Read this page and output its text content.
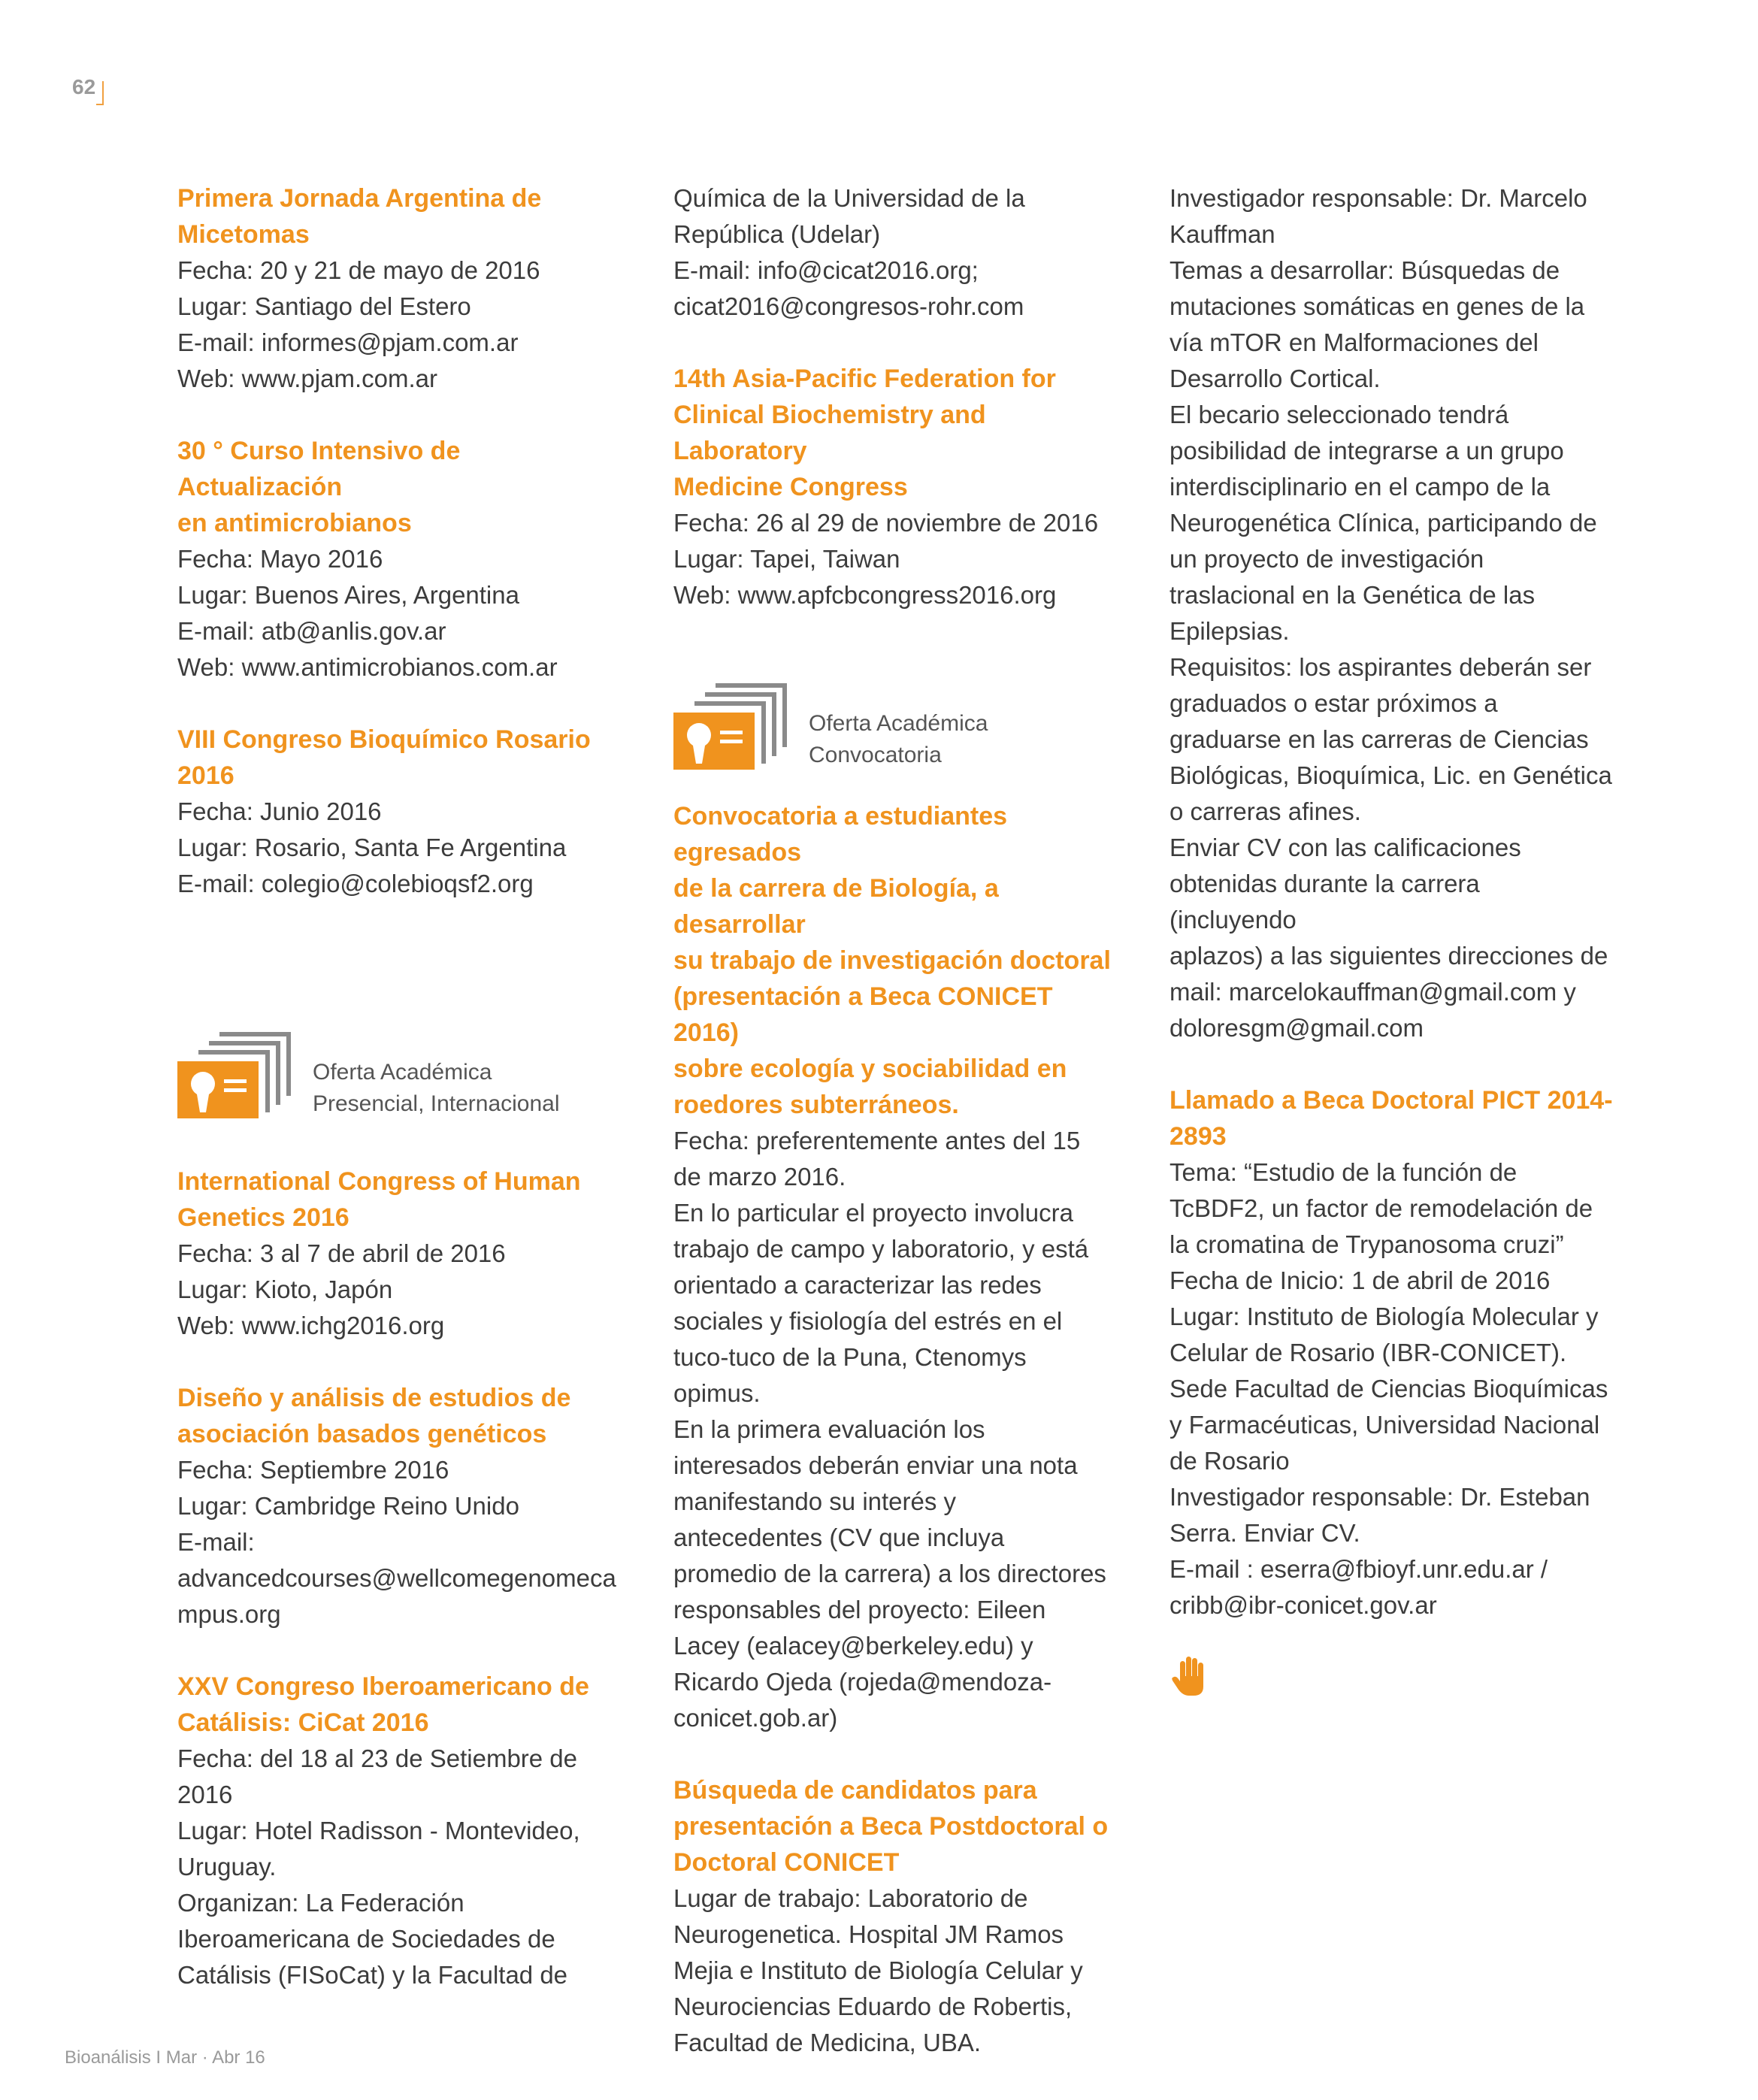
62

Primera Jornada Argentina de

Micetomas

Fecha: 20 y 21 de mayo de 2016

Lugar: Santiago del Estero

E-mail: informes@pjam.com.ar

Web: www.pjam.com.ar

30 ° Curso Intensivo de Actualización

en antimicrobianos

Fecha: Mayo 2016

Lugar: Buenos Aires, Argentina

E-mail: atb@anlis.gov.ar

Web: www.antimicrobianos.com.ar

VIII Congreso Bioquímico Rosario

2016

Fecha: Junio 2016

Lugar: Rosario, Santa Fe Argentina

E-mail: colegio@colebioqsf2.org

Oferta Académica
Presencial, Internacional

International Congress of Human

Genetics 2016

Fecha: 3 al 7 de abril de 2016

Lugar: Kioto, Japón

Web: www.ichg2016.org

Diseño y análisis de estudios de

asociación basados genéticos

Fecha: Septiembre 2016

Lugar: Cambridge Reino Unido

E-mail:

advancedcourses@wellcomegenomeca

mpus.org

XXV Congreso Iberoamericano de

Catálisis: CiCat 2016

Fecha: del 18 al 23 de Setiembre de

2016

Lugar: Hotel Radisson - Montevideo,

Uruguay.

Organizan: La Federación

Iberoamericana de Sociedades de

Catálisis (FISoCat) y la Facultad de

Química de la Universidad de la

República (Udelar)

E-mail: info@cicat2016.org;

cicat2016@congresos-rohr.com

14th Asia-Pacific Federation for

Clinical Biochemistry and Laboratory

Medicine Congress

Fecha: 26 al 29 de noviembre de 2016

Lugar: Tapei, Taiwan

Web: www.apfcbcongress2016.org

Oferta Académica
Convocatoria

Convocatoria a estudiantes egresados

de la carrera de Biología, a desarrollar

su trabajo de investigación doctoral

(presentación a Beca CONICET 2016)

sobre ecología y sociabilidad en

roedores subterráneos.

Fecha: preferentemente antes del 15

de marzo 2016.

En lo particular el proyecto involucra

trabajo de campo y laboratorio, y está

orientado a caracterizar las redes

sociales y fisiología del estrés en el

tuco-tuco de la Puna, Ctenomys

opimus.

En la primera evaluación los

interesados deberán enviar una nota

manifestando su interés y

antecedentes (CV que incluya

promedio de la carrera) a los directores

responsables del proyecto: Eileen

Lacey (ealacey@berkeley.edu) y

Ricardo Ojeda (rojeda@mendoza-

conicet.gob.ar)

Búsqueda de candidatos para

presentación a Beca Postdoctoral o

Doctoral CONICET

Lugar de trabajo: Laboratorio de

Neurogenetica. Hospital JM Ramos

Mejia e Instituto de Biología Celular y

Neurociencias Eduardo de Robertis,

Facultad de Medicina, UBA.

Investigador responsable: Dr. Marcelo

Kauffman

Temas a desarrollar: Búsquedas de

mutaciones somáticas en genes de la

vía mTOR en Malformaciones del

Desarrollo Cortical.

El becario seleccionado tendrá

posibilidad de integrarse a un grupo

interdisciplinario en el campo de la

Neurogenética Clínica, participando de

un proyecto de investigación

traslacional en la Genética de las

Epilepsias.

Requisitos: los aspirantes deberán ser

graduados o estar próximos a

graduarse en las carreras de Ciencias

Biológicas, Bioquímica, Lic. en Genética

o carreras afines.

Enviar CV con las calificaciones

obtenidas durante la carrera

(incluyendo

aplazos) a las siguientes direcciones de

mail: marcelokauffman@gmail.com y

doloresgm@gmail.com

Llamado a Beca Doctoral PICT 2014-

2893

Tema: “Estudio de la función de

TcBDF2, un factor de remodelación de

la cromatina de Trypanosoma cruzi”

Fecha de Inicio: 1 de abril de 2016

Lugar: Instituto de Biología Molecular y

Celular de Rosario (IBR-CONICET).

Sede Facultad de Ciencias Bioquímicas

y Farmacéuticas, Universidad Nacional

de Rosario

Investigador responsable: Dr. Esteban

Serra. Enviar CV.

E-mail : eserra@fbioyf.unr.edu.ar /

cribb@ibr-conicet.gov.ar

Bioanálisis I Mar · Abr 16
